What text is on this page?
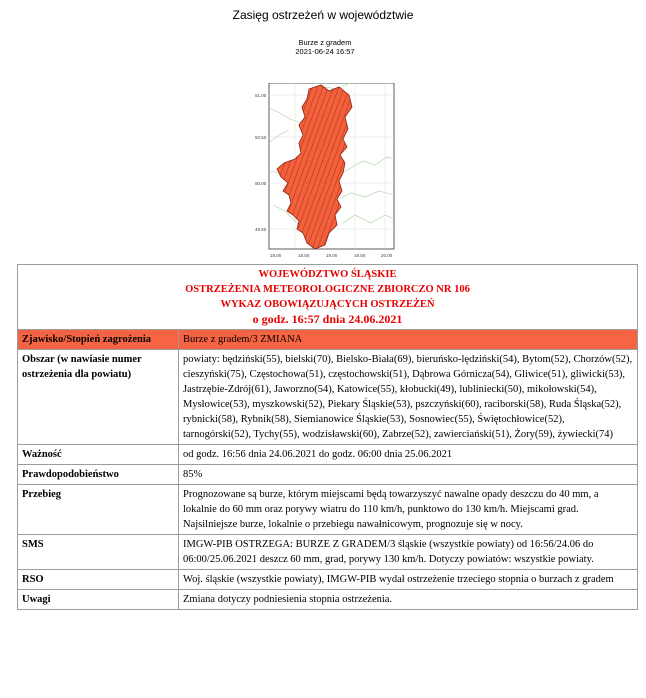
Zasięg ostrzeżeń w województwie
Burze z gradem
2021-06-24 16:57
51.00
50.50
50.00
49.50
18.00	18.50	19.00	19.50	20.00
WOJEWÓDZTWO ŚLĄSKIE
OSTRZEŻENIA METEOROLOGICZNE ZBIORCZO NR 106
WYKAZ OBOWIĄZUJĄCYCH OSTRZEŻEŃ
o godz. 16:57 dnia 24.06.2021	

Zjawisko/Stopień zagrożenia	Burze z gradem/3 ZMIANA
Obszar (w nawiasie numer ostrzeżenia dla powiatu)	powiaty: będziński(55), bielski(70), Bielsko-Biała(69), bieruńsko-lędziński(54), Bytom(52), Chorzów(52), cieszyński(75), Częstochowa(51), częstochowski(51), Dąbrowa Górnicza(54), Gliwice(51), gliwicki(53), Jastrzębie-Zdrój(61), Jaworzno(54), Katowice(55), kłobucki(49), lubliniecki(50), mikołowski(54), Mysłowice(53), myszkowski(52), Piekary Śląskie(53), pszczyński(60), raciborski(58), Ruda Śląska(52), rybnicki(58), Rybnik(58), Siemianowice Śląskie(53), Sosnowiec(55), Świętochłowice(52), tarnogórski(52), Tychy(55), wodzisławski(60), Zabrze(52), zawierciański(51), Żory(59), żywiecki(74)
Ważność	od godz. 16:56 dnia 24.06.2021 do godz. 06:00 dnia 25.06.2021
Prawdopodobieństwo	85%
Przebieg	Prognozowane są burze, którym miejscami będą towarzyszyć nawalne opady deszczu do 40 mm, a lokalnie do 60 mm oraz porywy wiatru do 110 km/h, punktowo do 130 km/h. Miejscami grad. Najsilniejsze burze, lokalnie o przebiegu nawałnicowym, prognozuje się w nocy.
SMS	IMGW-PIB OSTRZEGA: BURZE Z GRADEM/3 śląskie (wszystkie powiaty) od 16:56/24.06 do 06:00/25.06.2021 deszcz 60 mm, grad, porywy 130 km/h. Dotyczy powiatów: wszystkie powiaty.
RSO	Woj. śląskie (wszystkie powiaty), IMGW-PIB wydał ostrzeżenie trzeciego stopnia o burzach z gradem
Uwagi	Zmiana dotyczy podniesienia stopnia ostrzeżenia.
